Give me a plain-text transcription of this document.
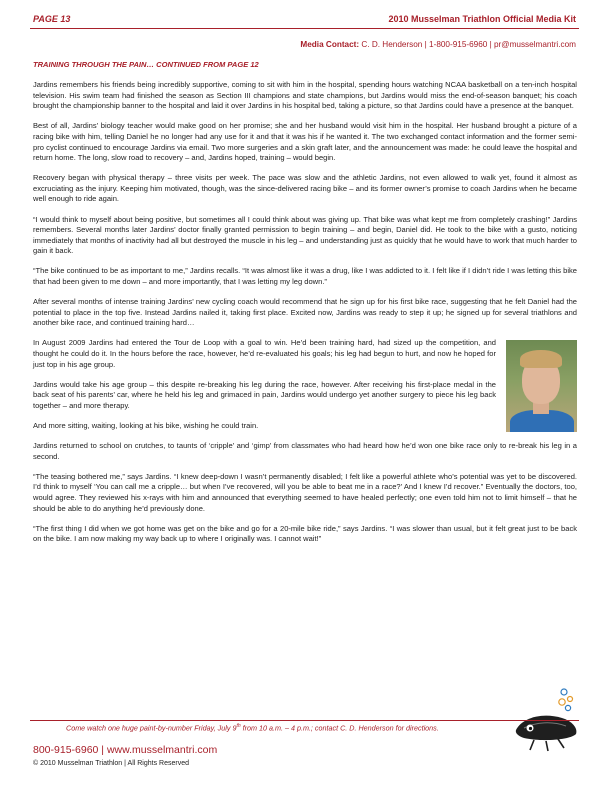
PAGE 13	2010 Musselman Triathlon Official Media Kit
Media Contact: C. D. Henderson | 1-800-915-6960 | pr@musselmantri.com

TRAINING THROUGH THE PAIN… CONTINUED FROM PAGE 12

Jardins remembers his friends being incredibly supportive, coming to sit with him in the hospital, spending hours watching NCAA basketball on a ten-inch hospital television. His swim team had finished the season as Section III champions and state champions, but Jardins would miss the end-of-season banquet; his coach brought the championship banner to the hospital and laid it over Jardins in his hospital bed, taking a picture, so that Jardins could have a presence at the banquet.

Best of all, Jardins’ biology teacher would make good on her promise; she and her husband would visit him in the hospital. Her husband brought a picture of a racing bike with him, telling Daniel he no longer had any use for it and that it was his if he wanted it. The two exchanged contact information and the former semi-pro cyclist continued to encourage Jardins via email. Two more surgeries and a skin graft later, and the announcement was made: he could leave the hospital and return home. The long, slow road to recovery – and, Jardins hoped, training – would begin.

Recovery began with physical therapy – three visits per week. The pace was slow and the athletic Jardins, not even allowed to walk yet, found it almost as excruciating as the injury. Keeping him motivated, though, was the since-delivered racing bike – and its former owner’s promise to coach Jardins when he became well enough to ride again.

“I would think to myself about being positive, but sometimes all I could think about was giving up. That bike was what kept me from completely crashing!” Jardins remembers. Several months later Jardins’ doctor finally granted permission to begin training – and begin, Daniel did. He took to the bike with a gusto, noticing immediately that months of inactivity had all but destroyed the muscle in his leg – and understanding just as quickly that he would have to work that much harder to gain it back.

“The bike continued to be as important to me,” Jardins recalls. “It was almost like it was a drug, like I was addicted to it. I felt like if I didn’t ride I was letting this bike that had been given to me down – and more importantly, that I was letting my leg down.”

After several months of intense training Jardins’ new cycling coach would recommend that he sign up for his first bike race, suggesting that he felt Daniel had the potential to place in the top five. Instead Jardins nailed it, taking first place. Excited now, Jardins was ready to step it up; he signed up for several triathlons and another bike race, and continued training hard…

In August 2009 Jardins had entered the Tour de Loop with a goal to win. He’d been training hard, had sized up the competition, and thought he could do it. In the hours before the race, however, he’d re-evaluated his goals; his leg had begun to hurt, and now he hoped for just top in his age group.

Jardins would take his age group – this despite re-breaking his leg during the race, however. After receiving his first-place medal in the back seat of his parents’ car, where he held his leg and grimaced in pain, Jardins would undergo yet another surgery to piece his leg back together – and more therapy.

And more sitting, waiting, looking at his bike, wishing he could train.

Jardins returned to school on crutches, to taunts of ‘cripple’ and ‘gimp’ from classmates who had heard how he’d won one bike race only to re-break his leg in a second.

“The teasing bothered me,” says Jardins. “I knew deep-down I wasn’t permanently disabled; I felt like a powerful athlete who’s potential was yet to be discovered. I’d think to myself ‘You can call me a cripple… but when I’ve recovered, will you be able to beat me in a race?’ And I knew I’d recover.” Eventually the doctors, too, would agree. They reviewed his x-rays with him and announced that everything seemed to have healed perfectly; one even told him not to limit himself – that he should be able to do anything he’d previously done.

“The first thing I did when we got home was get on the bike and go for a 20-mile bike ride,” says Jardins. “I was slower than usual, but it felt great just to be back on the bike. I am now making my way back up to where I originally was. I cannot wait!”

Come watch one huge paint-by-number Friday, July 9th from 10 a.m. – 4 p.m.; contact C. D. Henderson for directions.
800-915-6960 | www.musselmantri.com
© 2010 Musselman Triathlon | All Rights Reserved
